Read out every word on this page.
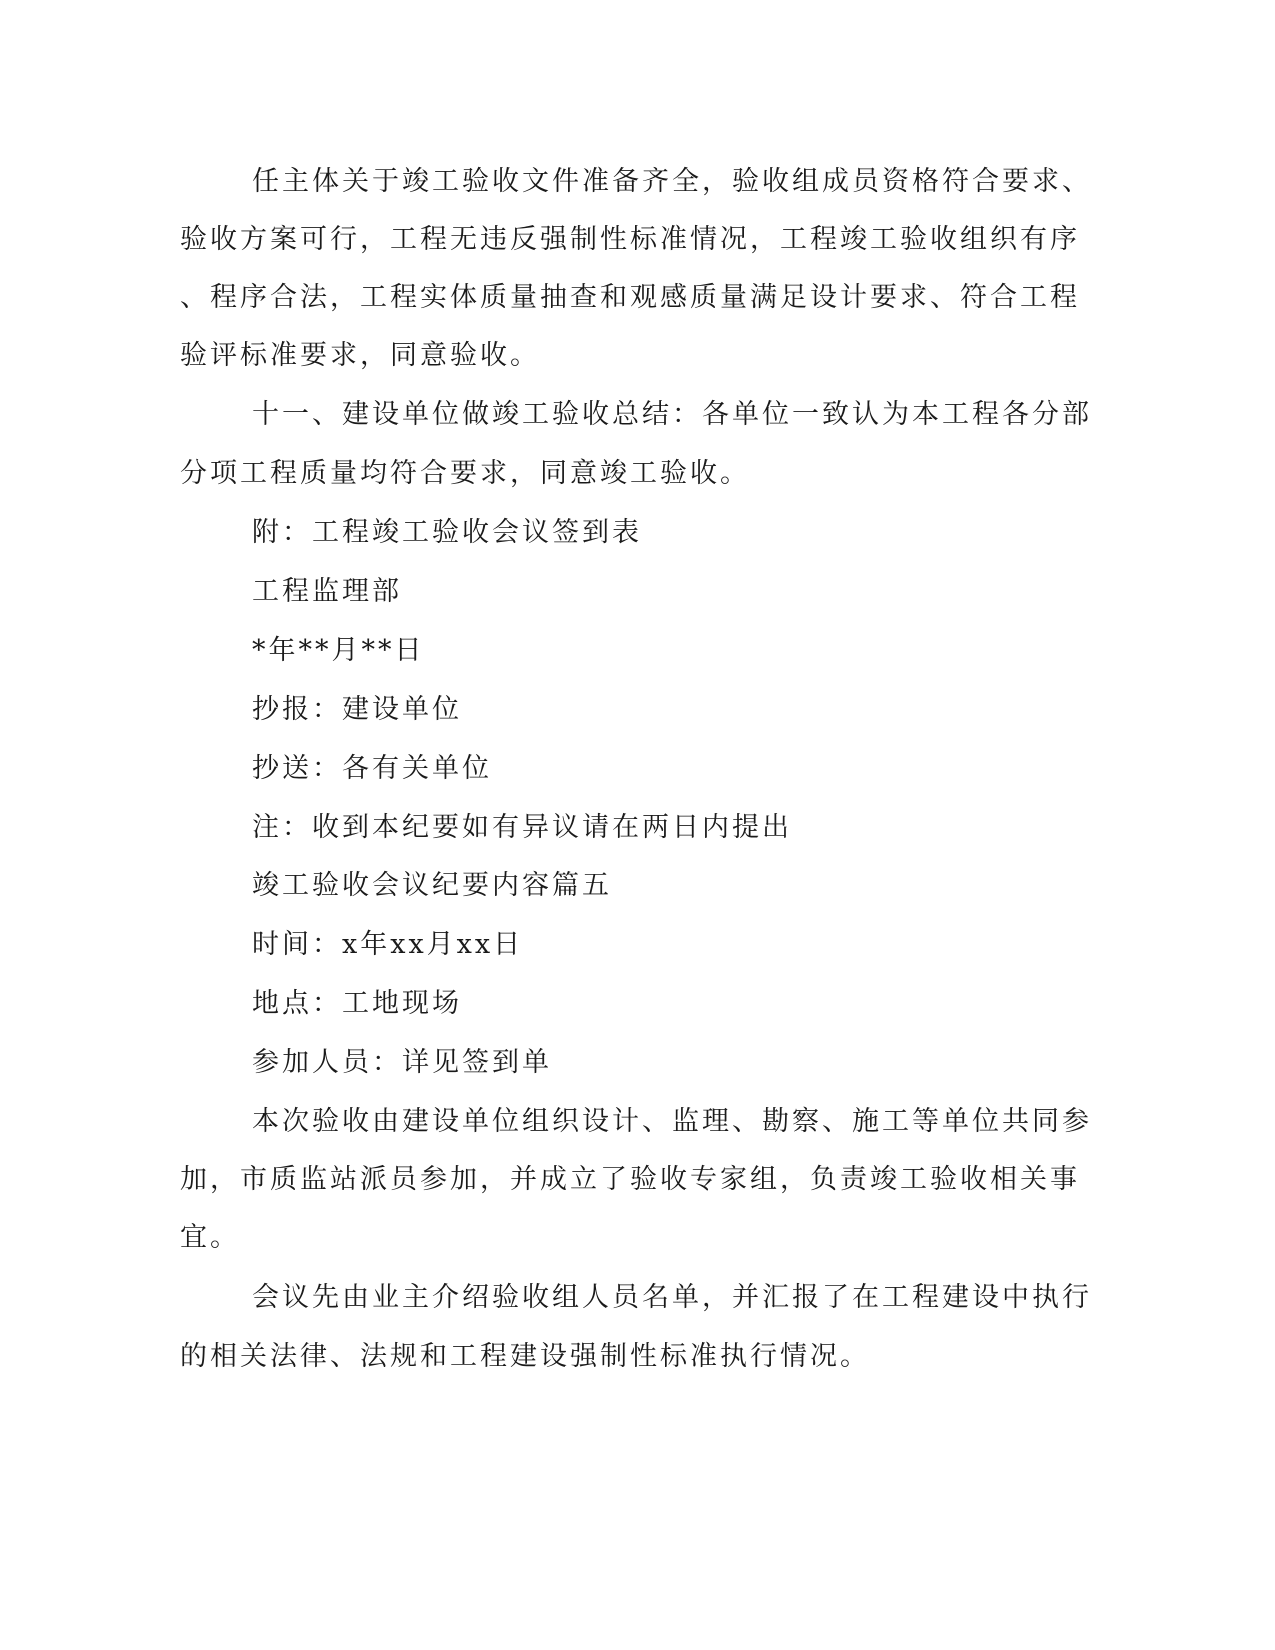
任主体关于竣工验收文件准备齐全，验收组成员资格符合要求、
验收方案可行，工程无违反强制性标准情况，工程竣工验收组织有序
、程序合法，工程实体质量抽查和观感质量满足设计要求、符合工程
验评标准要求，同意验收。
十一、建设单位做竣工验收总结：各单位一致认为本工程各分部
分项工程质量均符合要求，同意竣工验收。
附：工程竣工验收会议签到表
工程监理部
*年**月**日
抄报：建设单位
抄送：各有关单位
注：收到本纪要如有异议请在两日内提出
竣工验收会议纪要内容篇五
时间：x年xx月xx日
地点：工地现场
参加人员：详见签到单
本次验收由建设单位组织设计、监理、勘察、施工等单位共同参
加，市质监站派员参加，并成立了验收专家组，负责竣工验收相关事
宜。
会议先由业主介绍验收组人员名单，并汇报了在工程建设中执行
的相关法律、法规和工程建设强制性标准执行情况。
